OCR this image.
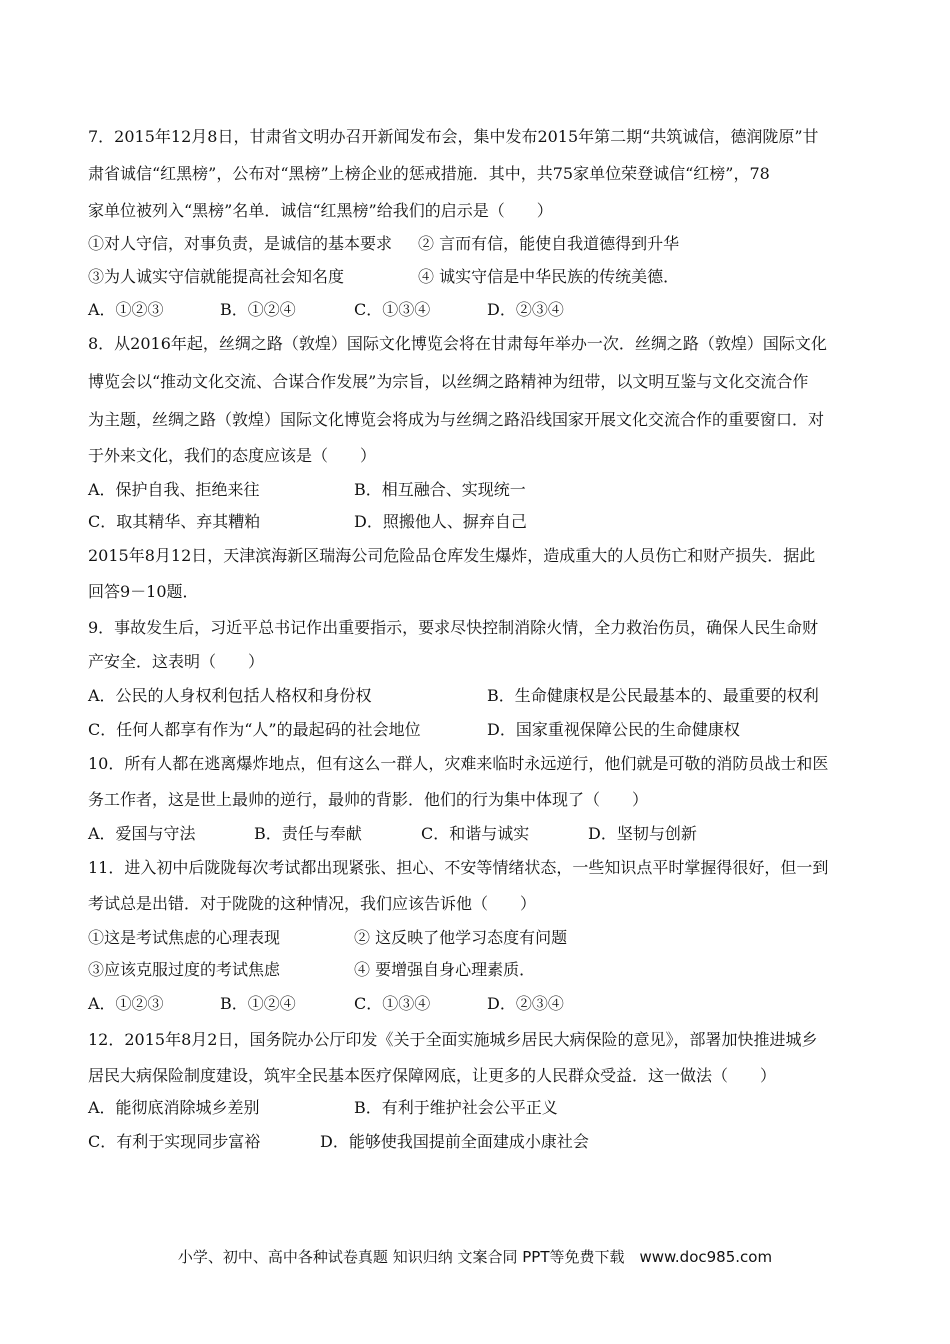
7．2015年12月8日，甘肃省文明办召开新闻发布会，集中发布2015年第二期“共筑诚信，德润陇原”甘
肃省诚信“红黑榜”，公布对“黑榜”上榜企业的惩戒措施．其中，共75家单位荣登诚信“红榜”，78
家单位被列入“黑榜”名单．诚信“红黑榜”给我们的启示是（　　）
①对人守信，对事负责，是诚信的基本要求 ② 言而有信，能使自我道德得到升华
③为人诚实守信就能提高社会知名度	④ 诚实守信是中华民族的传统美德．
A．①②③	B．①②④	C．①③④	D．②③④
8．从2016年起，丝绸之路（敦煌）国际文化博览会将在甘肃每年举办一次．丝绸之路（敦煌）国际文化
博览会以“推动文化交流、合谋合作发展”为宗旨，以丝绸之路精神为纽带，以文明互鉴与文化交流合作
为主题，丝绸之路（敦煌）国际文化博览会将成为与丝绸之路沿线国家开展文化交流合作的重要窗口．对
于外来文化，我们的态度应该是（　　）
A．保护自我、拒绝来往	B．相互融合、实现统一
C．取其精华、弃其糟粕	D．照搬他人、摒弃自己
2015年8月12日，天津滨海新区瑞海公司危险品仓库发生爆炸，造成重大的人员伤亡和财产损失．据此
回答9－10题．
9．事故发生后，习近平总书记作出重要指示，要求尽快控制消除火情，全力救治伤员，确保人民生命财
产安全．这表明（　　）
A．公民的人身权利包括人格权和身份权	B．生命健康权是公民最基本的、最重要的权利
C．任何人都享有作为“人”的最起码的社会地位	D．国家重视保障公民的生命健康权
10．所有人都在逃离爆炸地点，但有这么一群人，灾难来临时永远逆行，他们就是可敬的消防员战士和医
务工作者，这是世上最帅的逆行，最帅的背影．他们的行为集中体现了（　　）
A．爱国与守法	B．责任与奉献	C．和谐与诚实	D．坚韧与创新
11．进入初中后陇陇每次考试都出现紧张、担心、不安等情绪状态，一些知识点平时掌握得很好，但一到
考试总是出错．对于陇陇的这种情况，我们应该告诉他（　　）
①这是考试焦虑的心理表现	② 这反映了他学习态度有问题
③应该克服过度的考试焦虑	④ 要增强自身心理素质．
A．①②③	B．①②④	C．①③④	D．②③④
12．2015年8月2日，国务院办公厅印发《关于全面实施城乡居民大病保险的意见》，部署加快推进城乡
居民大病保险制度建设，筑牢全民基本医疗保障网底，让更多的人民群众受益．这一做法（　　）
A．能彻底消除城乡差别	B．有利于维护社会公平正义
C．有利于实现同步富裕	D．能够使我国提前全面建成小康社会
小学、初中、高中各种试卷真题 知识归纳 文案合同 PPT等免费下载　www.doc985.com
